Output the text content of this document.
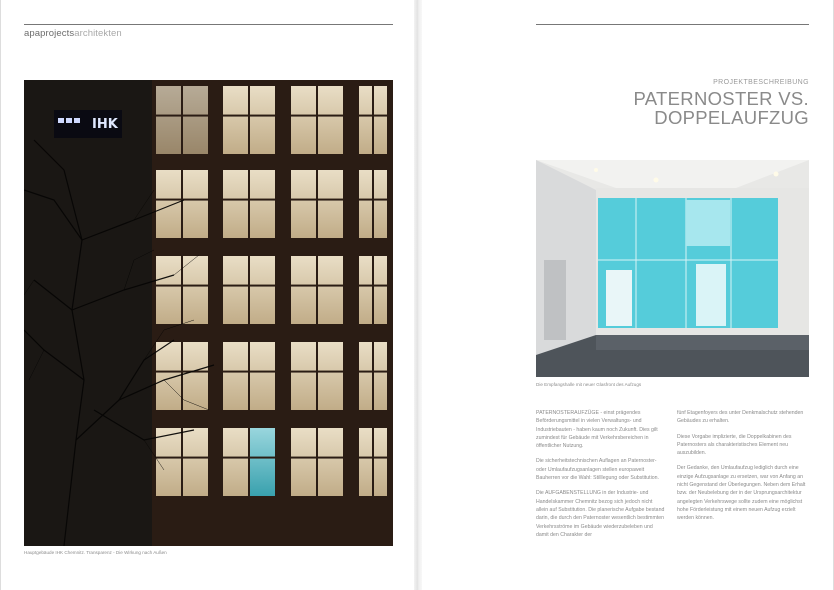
apaprojectsarchitekten
IHK
Hauptgebäude IHK Chemnitz. Transparenz - Die Wirkung nach Außen
PROJEKTBESCHREIBUNG
PATERNOSTER VS.
DOPPELAUFZUG
Die Empfangshalle mit neuer Glasfront des Aufzugs

PATERNOSTERAUFZÜGE - einst prägendes Beförderungsmittel in vielen Verwaltungs- und Industriebauten - haben kaum noch Zukunft. Dies gilt zumindest für Gebäude mit Verkehrsbereichen in öffentlicher Nutzung.

Die sicherheitstechnischen Auflagen an Paternoster- oder Umlaufaufzugsanlagen stellen europaweit Bauherren vor die Wahl: Stilllegung oder Substitution.

Die AUFGABENSTELLUNG in der Industrie- und Handelskammer Chemnitz bezog sich jedoch nicht allein auf Substitution. Die planerische Aufgabe bestand darin, die durch den Paternoster wesentlich bestimmten Verkehrsströme im Gebäude wiederzubeleben und damit den Charakter der

fünf Etagenfoyers des unter Denkmalschutz stehenden Gebäudes zu erhalten.

Diese Vorgabe implizierte, die Doppelkabinen des Paternosters als charakteristisches Element neu auszubilden.

Der Gedanke, den Umlaufaufzug lediglich durch eine einzige Aufzugsanlage zu ersetzen, war von Anfang an nicht Gegenstand der Überlegungen. Neben dem Erhalt bzw. der Neubelebung der in der Ursprungsarchitektur angelegten Verkehrswege sollte zudem eine möglichst hohe Förderleistung mit einem neuen Aufzug erzielt werden können.
